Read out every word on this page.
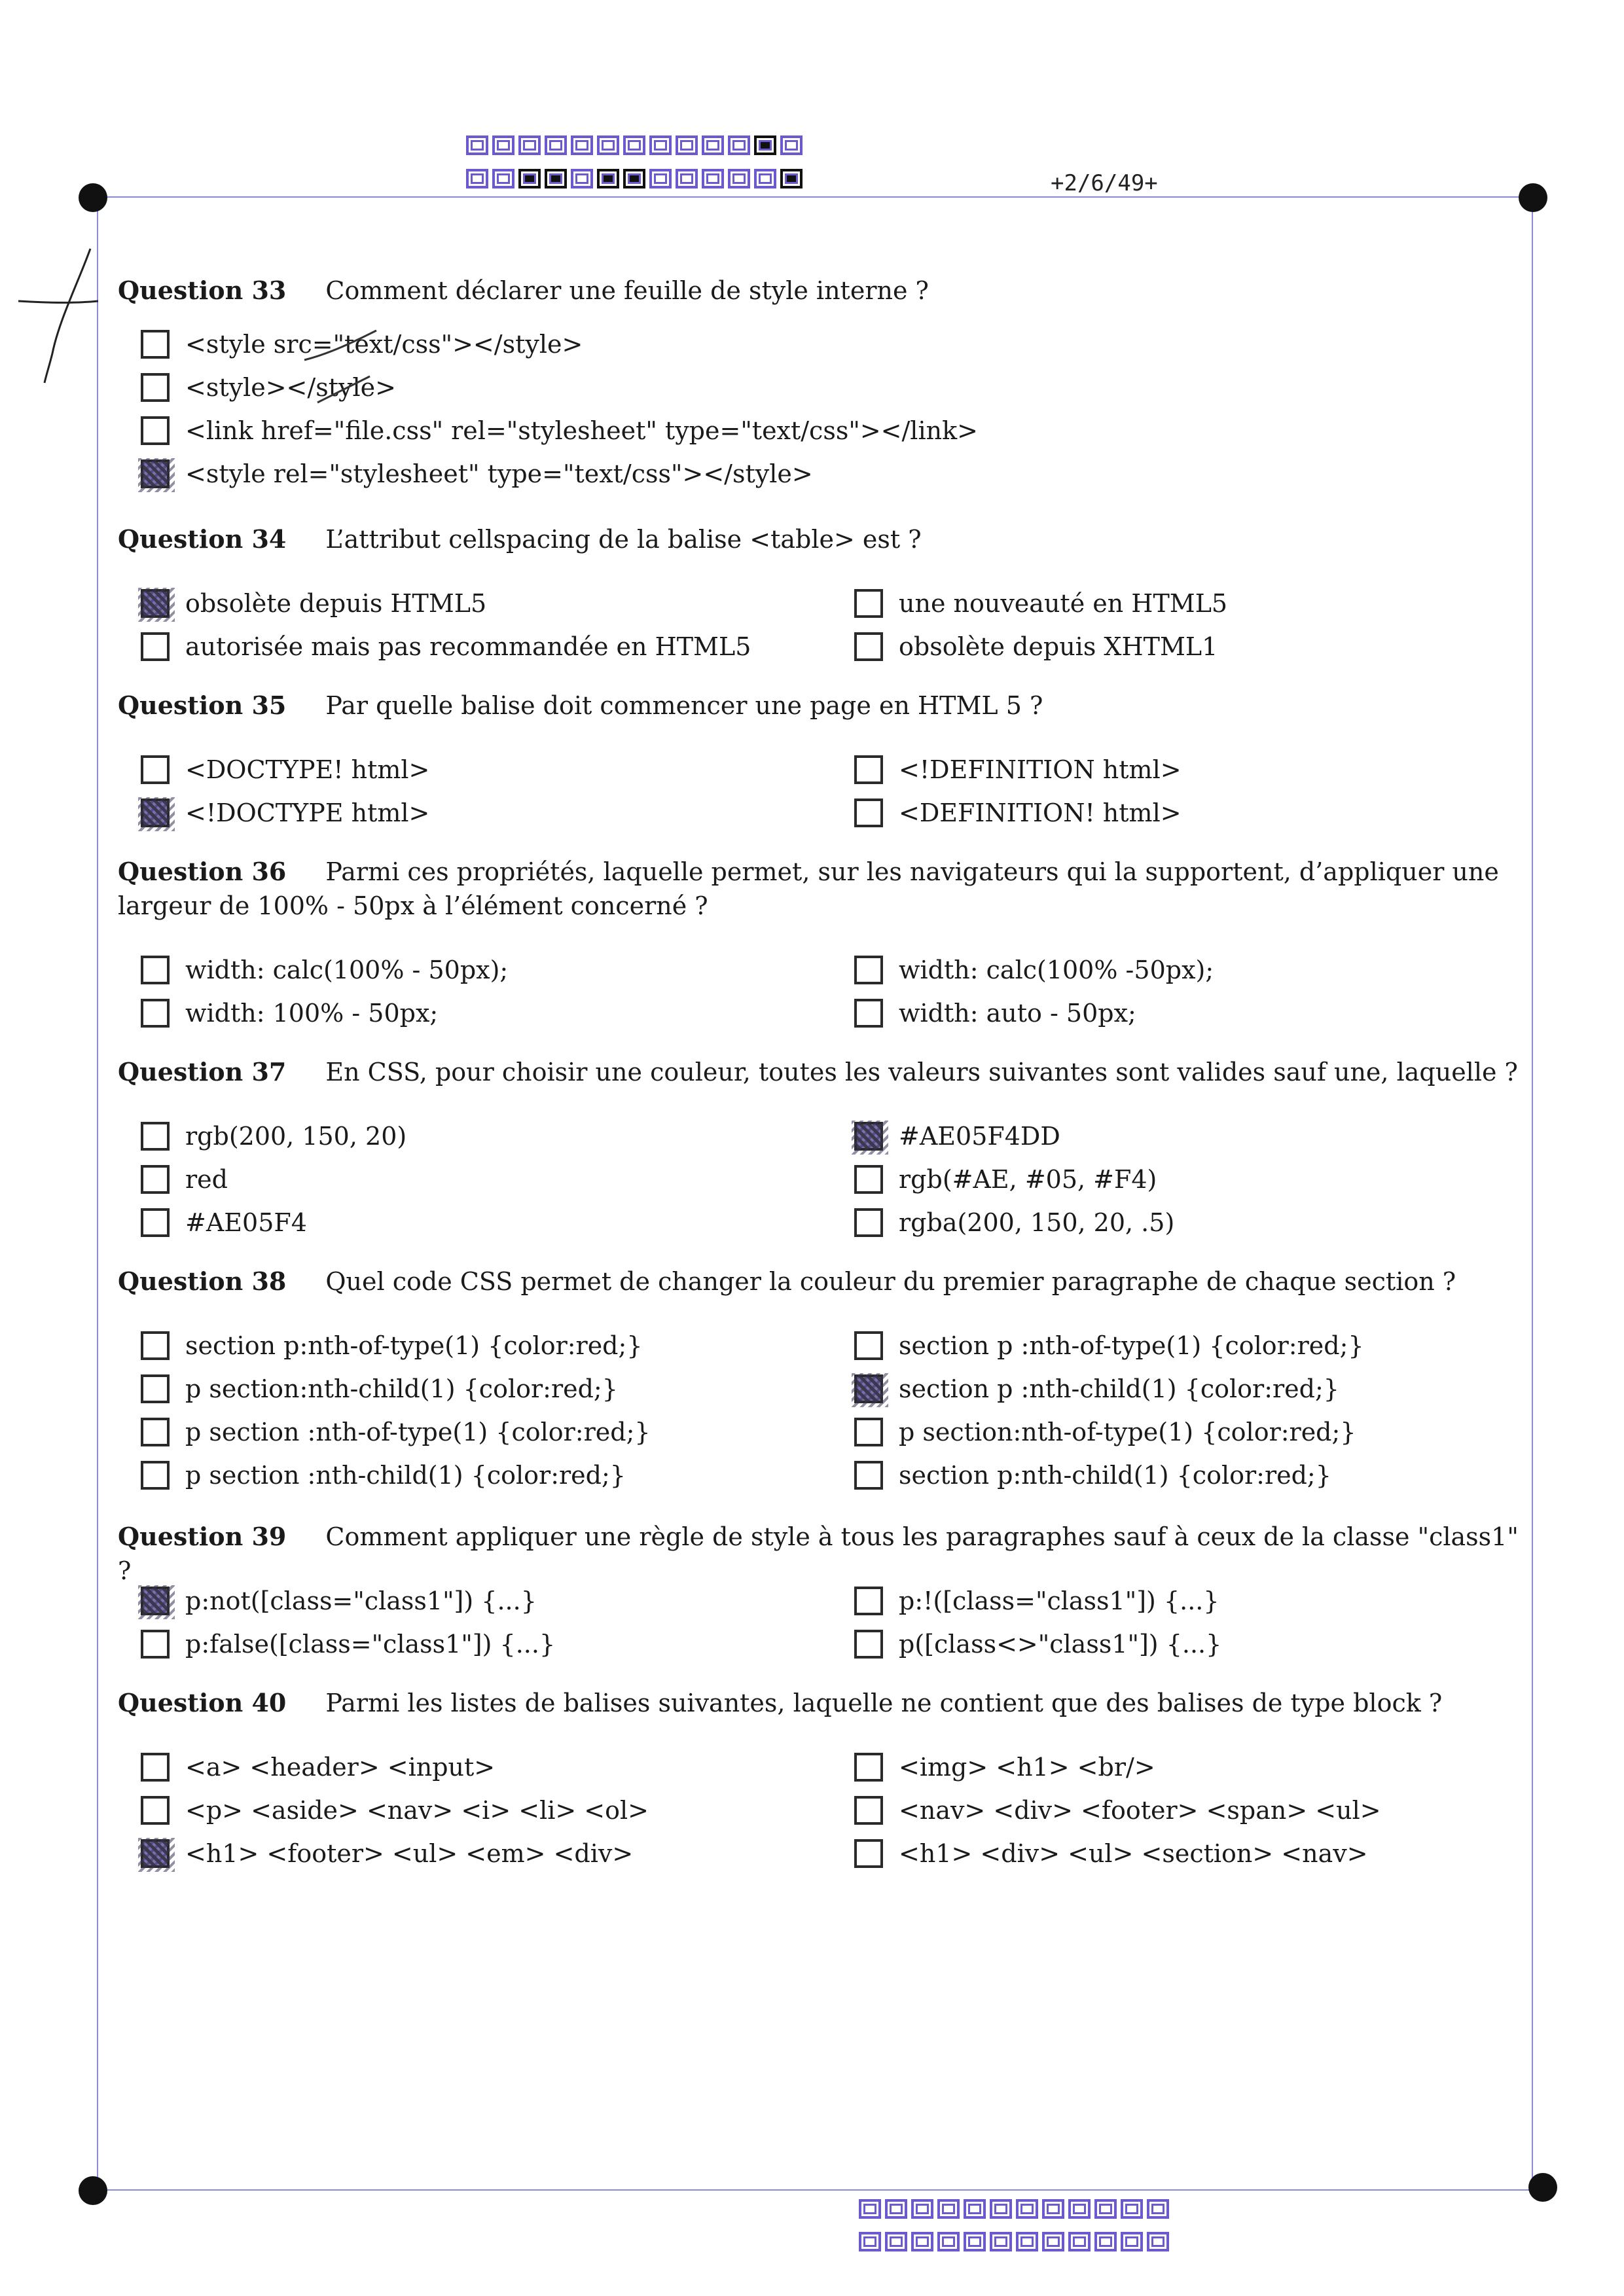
+2/6/49+
Question 33 Comment déclarer une feuille de style interne ?
<style src="text/css"></style>
<style></style>
<link href="file.css" rel="stylesheet" type="text/css"></link>
<style rel="stylesheet" type="text/css"></style>
Question 34 L’attribut cellspacing de la balise <table> est ?
obsolète depuis HTML5
autorisée mais pas recommandée en HTML5
une nouveauté en HTML5
obsolète depuis XHTML1
Question 35 Par quelle balise doit commencer une page en HTML 5 ?
<DOCTYPE! html>
<!DOCTYPE html>
<!DEFINITION html>
<DEFINITION! html>
Question 36 Parmi ces propriétés, laquelle permet, sur les navigateurs qui la supportent, d’appliquer une largeur de 100% - 50px à l’élément concerné ?
width: calc(100% - 50px);
width: 100% - 50px;
width: calc(100% -50px);
width: auto - 50px;
Question 37 En CSS, pour choisir une couleur, toutes les valeurs suivantes sont valides sauf une, laquelle ?
rgb(200, 150, 20)
red
#AE05F4
#AE05F4DD
rgb(#AE, #05, #F4)
rgba(200, 150, 20, .5)
Question 38 Quel code CSS permet de changer la couleur du premier paragraphe de chaque section ?
section p:nth-of-type(1) {color:red;}
p section:nth-child(1) {color:red;}
p section :nth-of-type(1) {color:red;}
p section :nth-child(1) {color:red;}
section p :nth-of-type(1) {color:red;}
section p :nth-child(1) {color:red;}
p section:nth-of-type(1) {color:red;}
section p:nth-child(1) {color:red;}
Question 39 Comment appliquer une règle de style à tous les paragraphes sauf à ceux de la classe "class1" ?
p:not([class="class1"]) {...}
p:false([class="class1"]) {...}
p:!([class="class1"]) {...}
p([class<>"class1"]) {...}
Question 40 Parmi les listes de balises suivantes, laquelle ne contient que des balises de type block ?
<a> <header> <input>
<p> <aside> <nav> <i> <li> <ol>
<h1> <footer> <ul> <em> <div>
<img> <h1> <br/>
<nav> <div> <footer> <span> <ul>
<h1> <div> <ul> <section> <nav>
